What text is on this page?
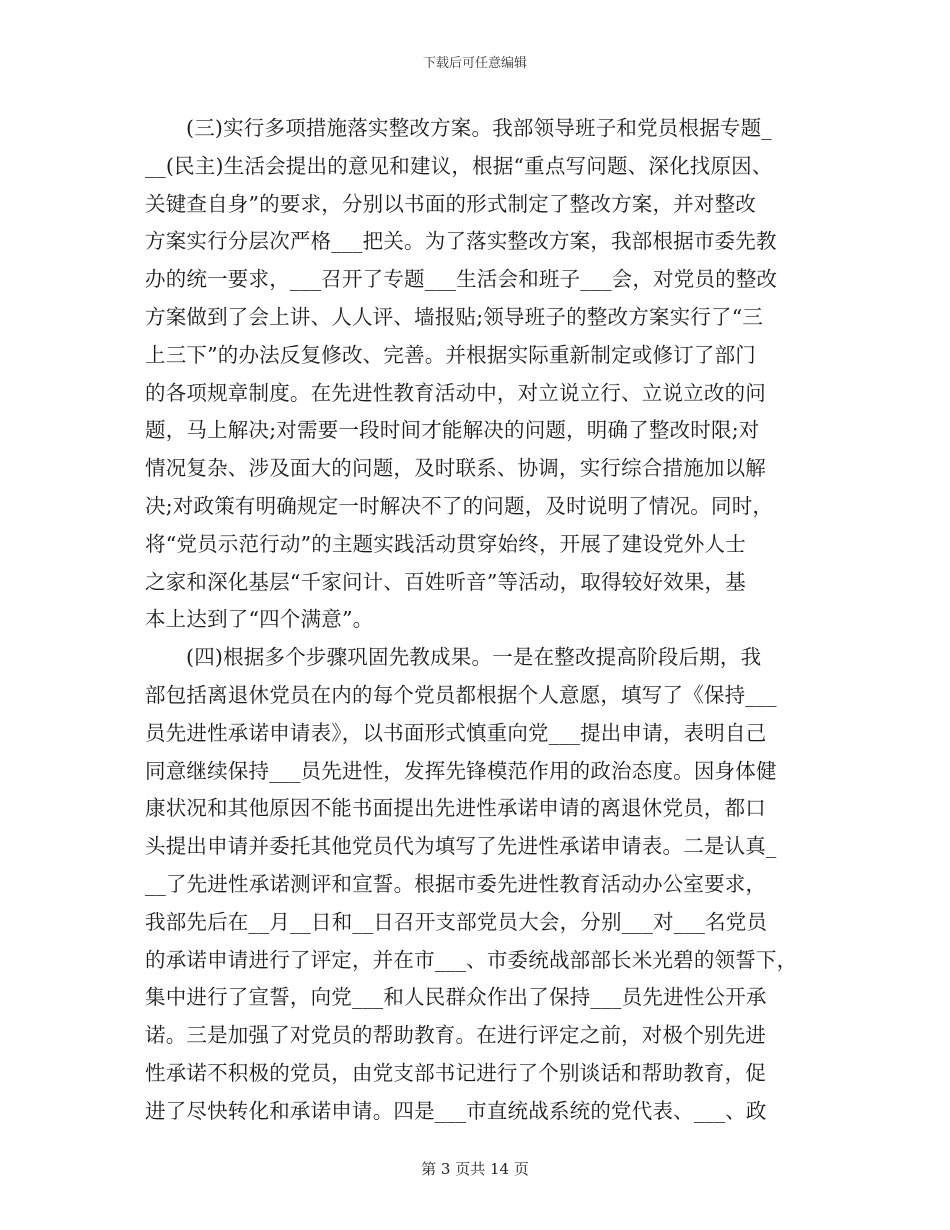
下载后可任意编辑
(三)实行多项措施落实整改方案。我部领导班子和党员根据专题_
__(民主)生活会提出的意见和建议，根据“重点写问题、深化找原因、
关键查自身”的要求，分别以书面的形式制定了整改方案，并对整改
方案实行分层次严格___把关。为了落实整改方案，我部根据市委先教
办的统一要求，___召开了专题___生活会和班子___会，对党员的整改
方案做到了会上讲、人人评、墙报贴;领导班子的整改方案实行了“三
上三下”的办法反复修改、完善。并根据实际重新制定或修订了部门
的各项规章制度。在先进性教育活动中，对立说立行、立说立改的问
题，马上解决;对需要一段时间才能解决的问题，明确了整改时限;对
情况复杂、涉及面大的问题，及时联系、协调，实行综合措施加以解
决;对政策有明确规定一时解决不了的问题，及时说明了情况。同时，
将“党员示范行动”的主题实践活动贯穿始终，开展了建设党外人士
之家和深化基层“千家问计、百姓听音”等活动，取得较好效果，基
本上达到了“四个满意”。
(四)根据多个步骤巩固先教成果。一是在整改提高阶段后期，我
部包括离退休党员在内的每个党员都根据个人意愿，填写了《保持___
员先进性承诺申请表》，以书面形式慎重向党___提出申请，表明自己
同意继续保持___员先进性，发挥先锋模范作用的政治态度。因身体健
康状况和其他原因不能书面提出先进性承诺申请的离退休党员，都口
头提出申请并委托其他党员代为填写了先进性承诺申请表。二是认真_
__了先进性承诺测评和宣誓。根据市委先进性教育活动办公室要求，
我部先后在__月__日和__日召开支部党员大会，分别___对___名党员
的承诺申请进行了评定，并在市___、市委统战部部长米光碧的领誓下，
集中进行了宣誓，向党___和人民群众作出了保持___员先进性公开承
诺。三是加强了对党员的帮助教育。在进行评定之前，对极个别先进
性承诺不积极的党员，由党支部书记进行了个别谈话和帮助教育，促
进了尽快转化和承诺申请。四是___市直统战系统的党代表、___、政
第 3 页共 14 页
